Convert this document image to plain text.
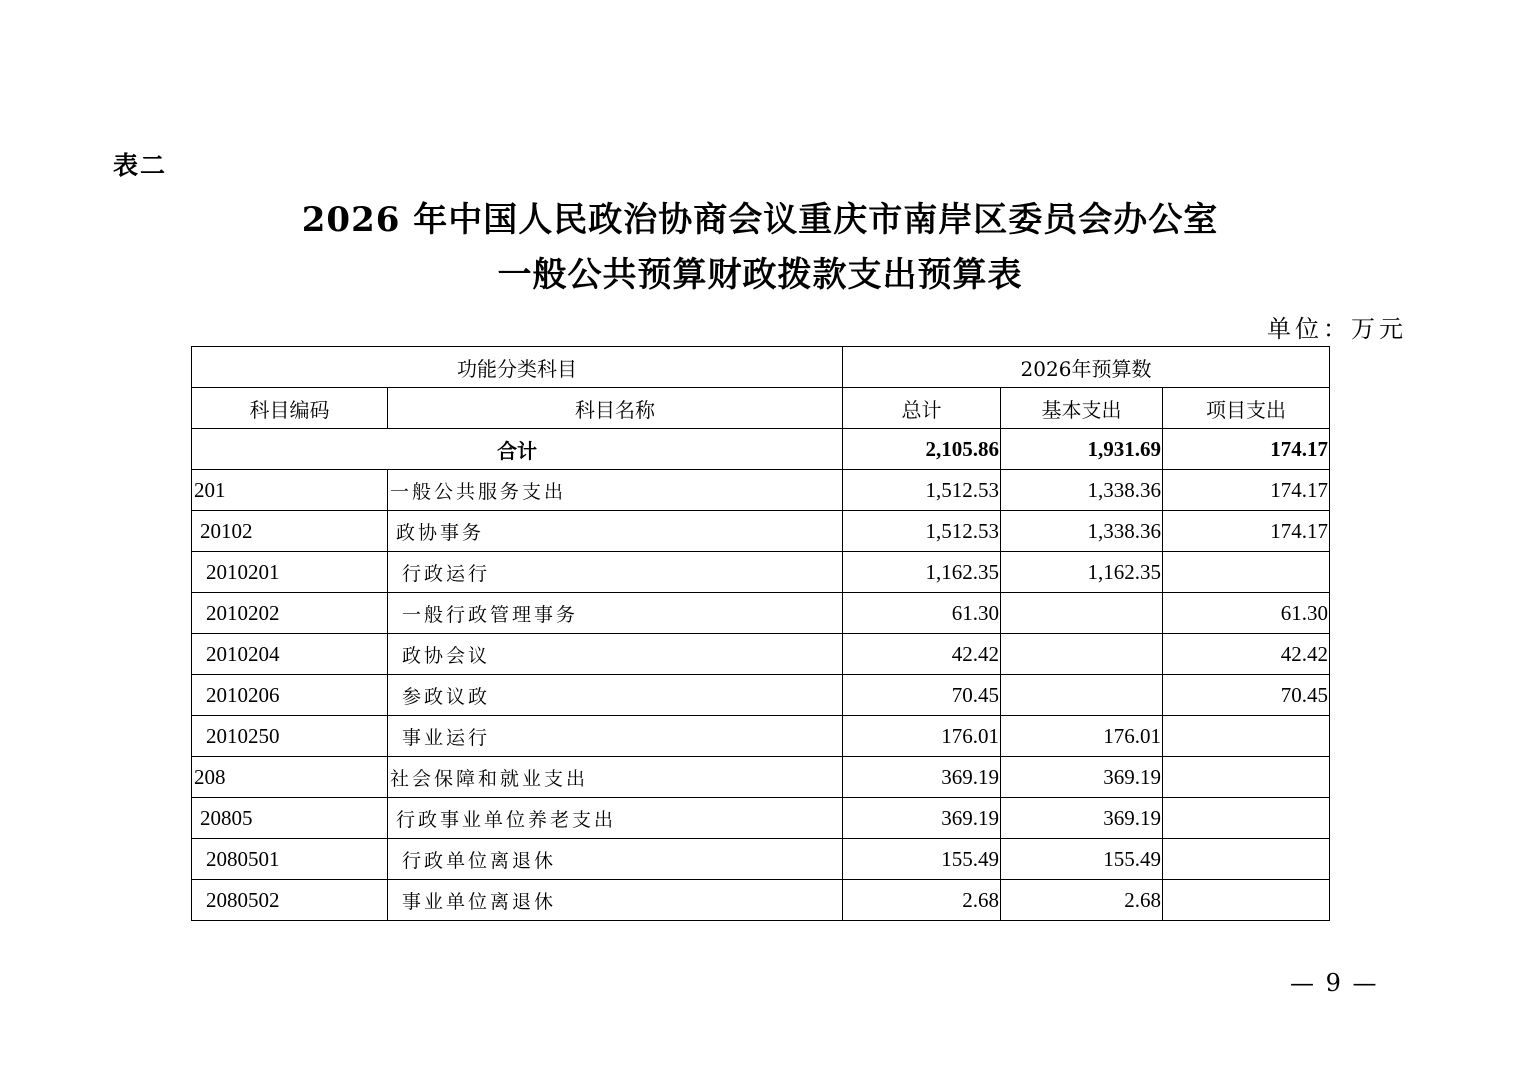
表二
2026 年中国人民政治协商会议重庆市南岸区委员会办公室
一般公共预算财政拨款支出预算表
单位：万元
功能分类科目		2026年预算数		
科目编码	科目名称	总计	基本支出	项目支出
合计		2,105.86	1,931.69	174.17
201	一般公共服务支出	1,512.53	1,338.36	174.17
20102	政协事务	1,512.53	1,338.36	174.17
2010201	行政运行	1,162.35	1,162.35	
2010202	一般行政管理事务	61.30		61.30
2010204	政协会议	42.42		42.42
2010206	参政议政	70.45		70.45
2010250	事业运行	176.01	176.01	
208	社会保障和就业支出	369.19	369.19	
20805	行政事业单位养老支出	369.19	369.19	
2080501	行政单位离退休	155.49	155.49	
2080502	事业单位离退休	2.68	2.68	
— 9 —
